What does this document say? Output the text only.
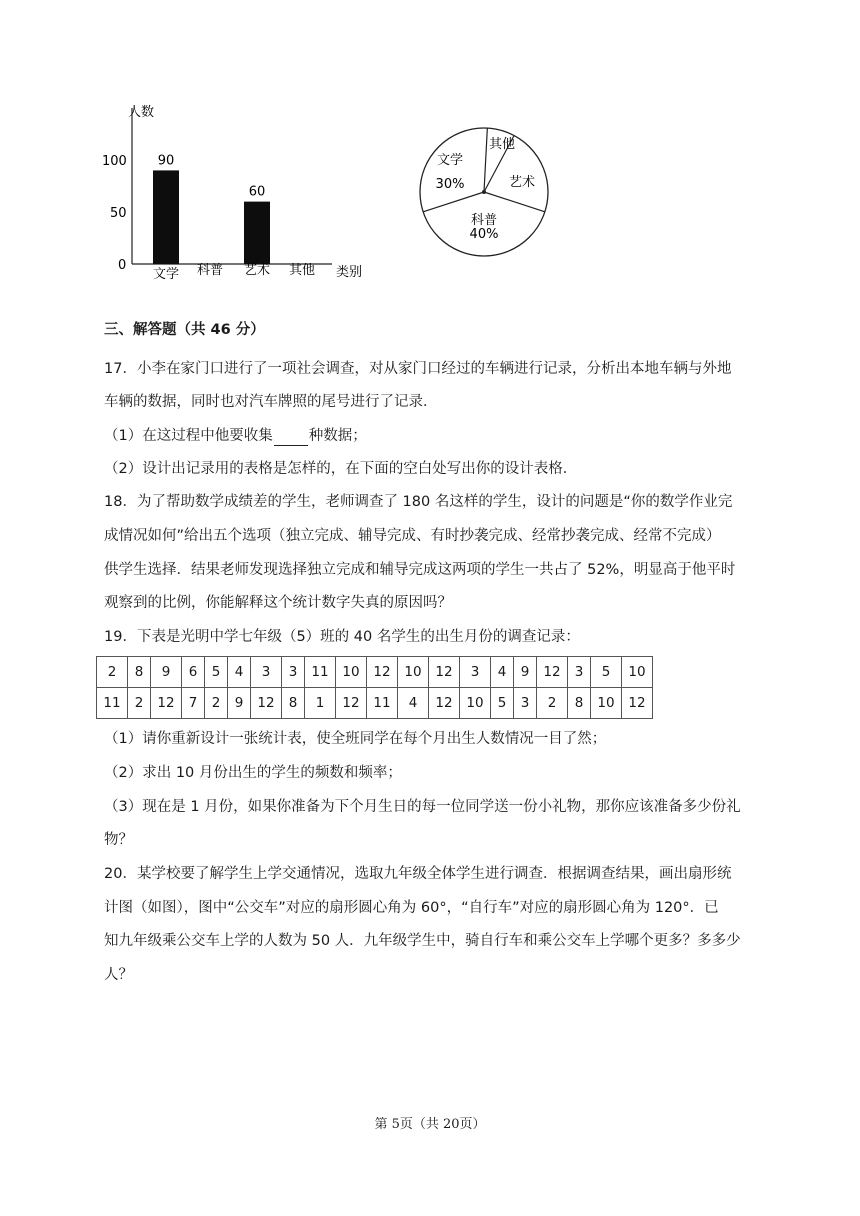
人数
类别
0
50
100 90
文学 科普
60
艺术 其他
文学
30%
其他
艺术
科普
40%
三、解答题（共 46 分）
17．小李在家门口进行了一项社会调查，对从家门口经过的车辆进行记录，分析出本地车辆与外地
车辆的数据，同时也对汽车牌照的尾号进行了记录．
（1）在这过程中他要收集 种数据；
（2）设计出记录用的表格是怎样的，在下面的空白处写出你的设计表格．
18．为了帮助数学成绩差的学生，老师调查了 180 名这样的学生，设计的问题是“你的数学作业完
成情况如何”给出五个选项（独立完成、辅导完成、有时抄袭完成、经常抄袭完成、经常不完成）
供学生选择．结果老师发现选择独立完成和辅导完成这两项的学生一共占了 52%，明显高于他平时
观察到的比例，你能解释这个统计数字失真的原因吗？
19．下表是光明中学七年级（5）班的 40 名学生的出生月份的调查记录：
2	8	9	6	5	4	3	3	11	10	12	10	12	3	4	9	12	3	5	10
11	2	12	7	2	9	12	8	1	12	11	4	12	10	5	3	2	8	10	12
（1）请你重新设计一张统计表，使全班同学在每个月出生人数情况一目了然；
（2）求出 10 月份出生的学生的频数和频率；
（3）现在是 1 月份，如果你准备为下个月生日的每一位同学送一份小礼物，那你应该准备多少份礼
物？
20．某学校要了解学生上学交通情况，选取九年级全体学生进行调查．根据调查结果，画出扇形统
计图（如图），图中“公交车”对应的扇形圆心角为 60°，“自行车”对应的扇形圆心角为 120°．已
知九年级乘公交车上学的人数为 50 人．九年级学生中，骑自行车和乘公交车上学哪个更多？多多少
人？
第 5页（共 20页）
